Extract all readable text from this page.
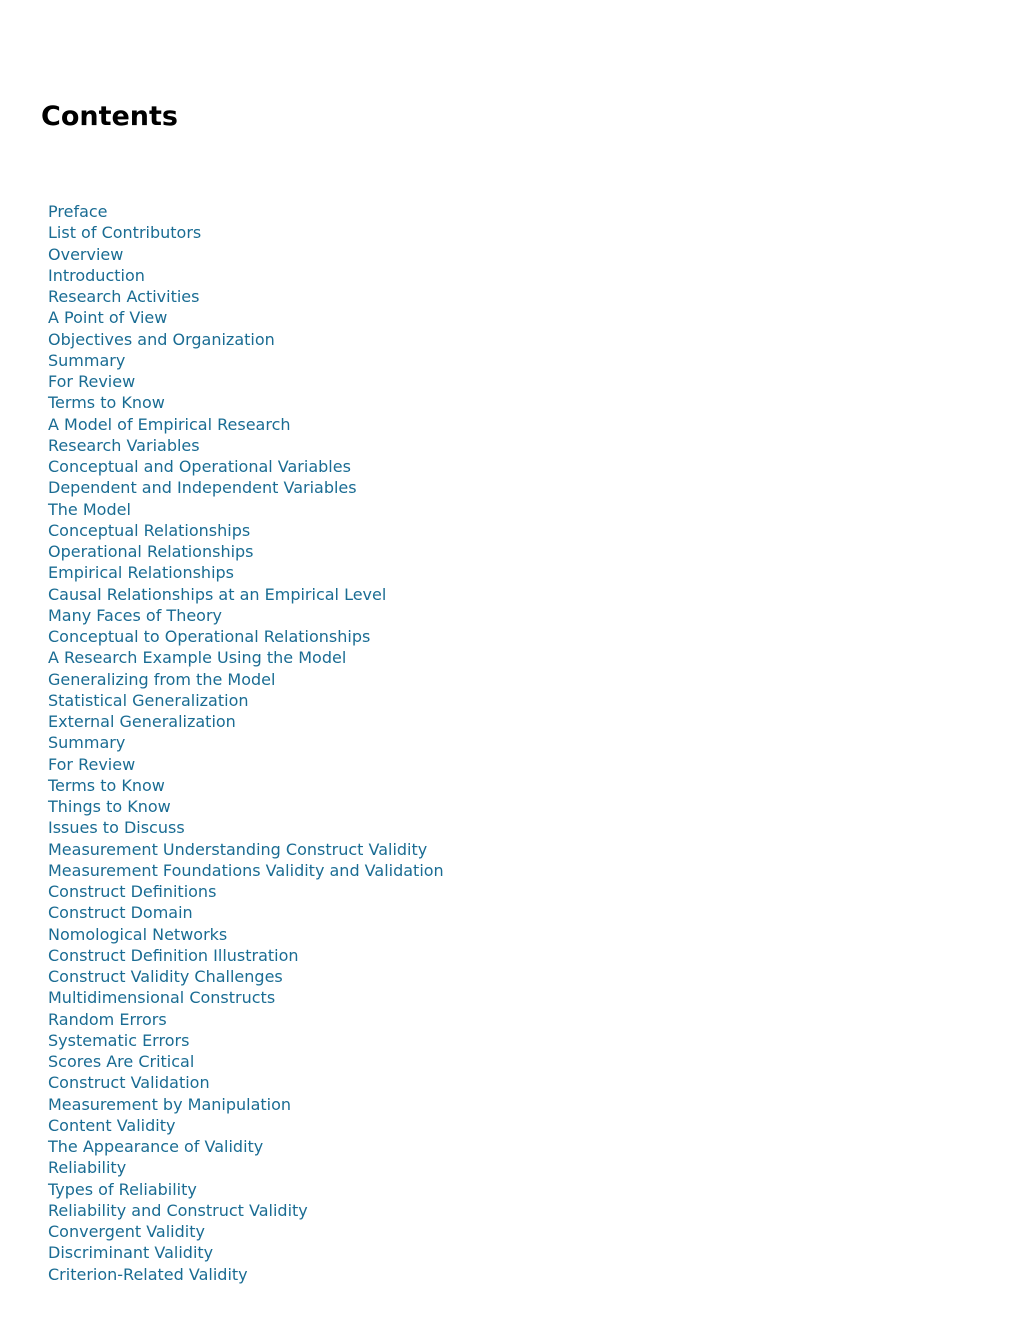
Contents
Preface
List of Contributors
Overview
Introduction
Research Activities
A Point of View
Objectives and Organization
Summary
For Review
Terms to Know
A Model of Empirical Research
Research Variables
Conceptual and Operational Variables
Dependent and Independent Variables
The Model
Conceptual Relationships
Operational Relationships
Empirical Relationships
Causal Relationships at an Empirical Level
Many Faces of Theory
Conceptual to Operational Relationships
A Research Example Using the Model
Generalizing from the Model
Statistical Generalization
External Generalization
Summary
For Review
Terms to Know
Things to Know
Issues to Discuss
Measurement Understanding Construct Validity
Measurement Foundations Validity and Validation
Construct Definitions
Construct Domain
Nomological Networks
Construct Definition Illustration
Construct Validity Challenges
Multidimensional Constructs
Random Errors
Systematic Errors
Scores Are Critical
Construct Validation
Measurement by Manipulation
Content Validity
The Appearance of Validity
Reliability
Types of Reliability
Reliability and Construct Validity
Convergent Validity
Discriminant Validity
Criterion-Related Validity
